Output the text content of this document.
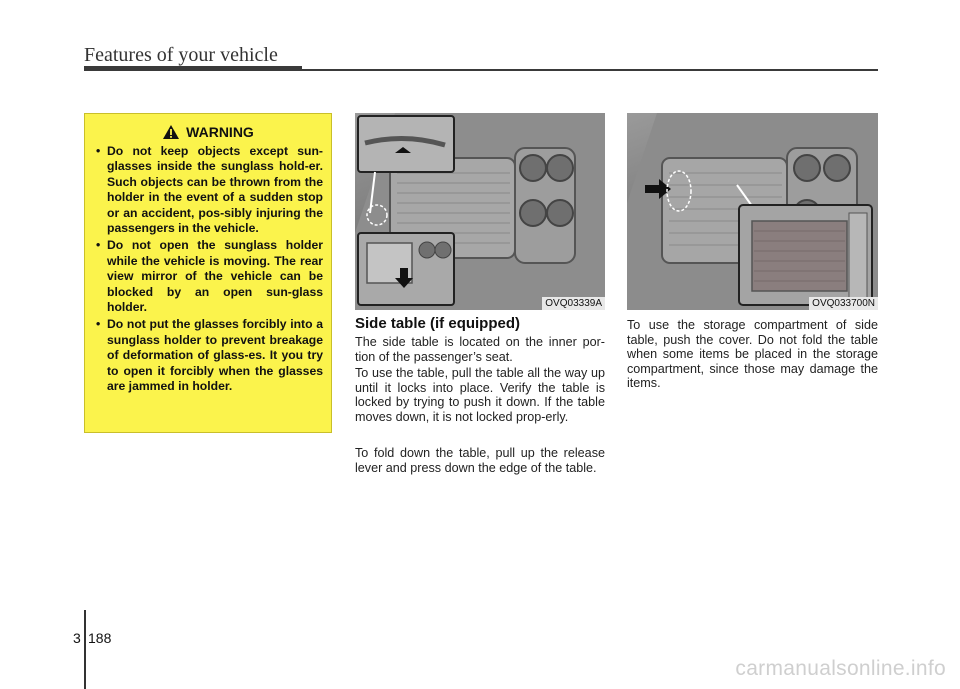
Features of your vehicle
WARNING
• Do not keep objects except sun-glasses inside the sunglass hold-er. Such objects can be thrown from the holder in the event of a sudden stop or an accident, pos-sibly injuring the passengers in the vehicle.
• Do not open the sunglass holder while the vehicle is moving. The rear view mirror of the vehicle can be blocked by an open sun-glass holder.
• Do not put the glasses forcibly into a sunglass holder to prevent breakage of deformation of glass-es. It you try to open it forcibly when the glasses are jammed in holder.
OVQ03339A	OVQ033700N
Side table (if equipped)
The side table is located on the inner por-tion of the passenger’s seat.
To use the table, pull the table all the way up until it locks into place. Verify the table is locked by trying to push it down. If the table moves down, it is not locked prop-erly.
To fold down the table, pull up the release lever and press down the edge of the table.
To use the storage compartment of side table, push the cover. Do not fold the table when some items be placed in the storage compartment, since those may damage the items.
3 188
carmanualsonline.info
